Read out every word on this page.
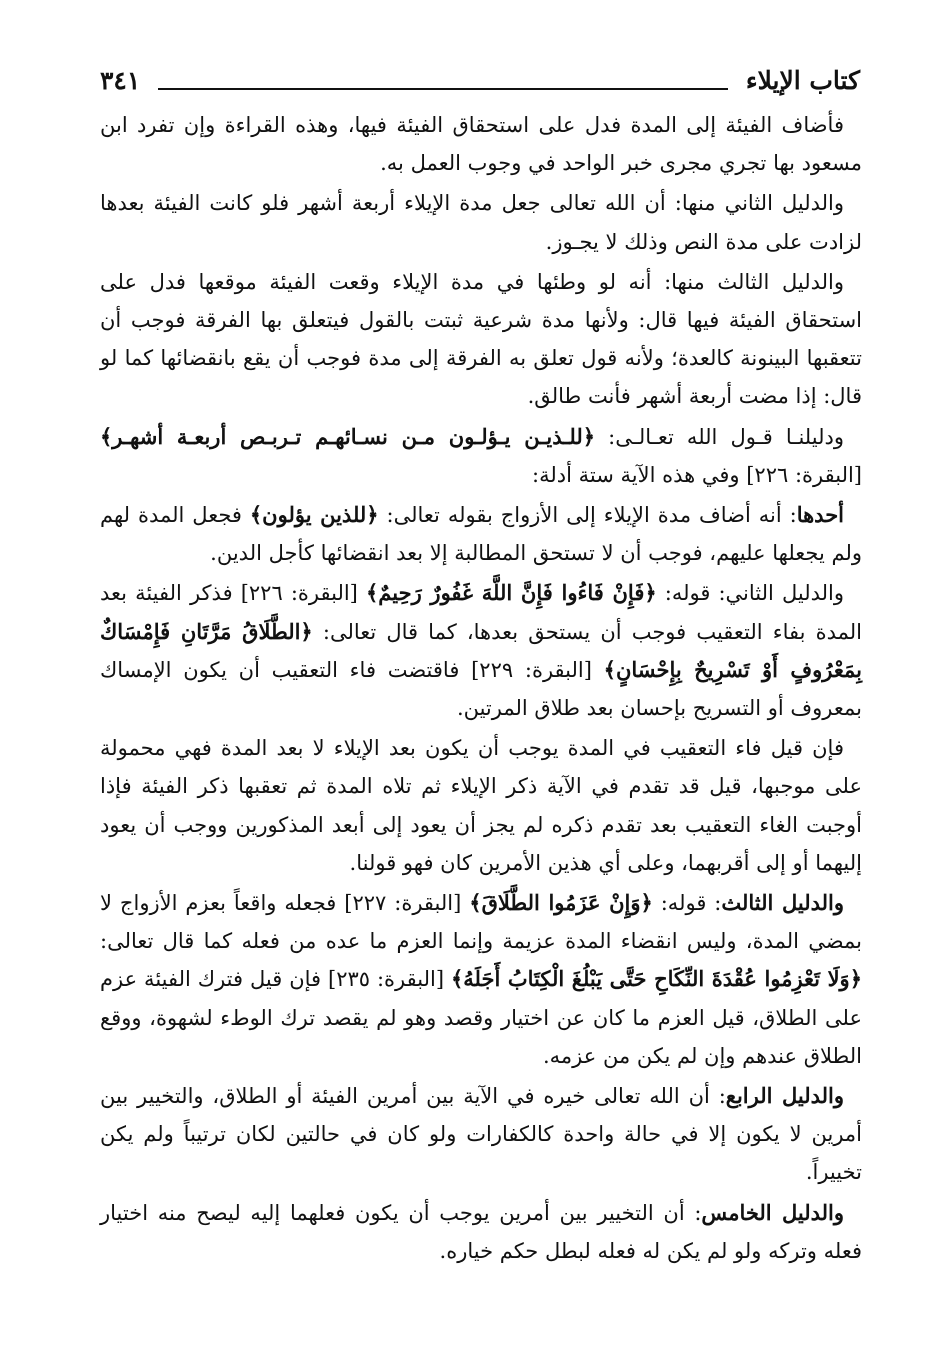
كتاب الإيلاء
٣٤١

فأضاف الفيئة إلى المدة فدل على استحقاق الفيئة فيها، وهذه القراءة وإن تفرد ابن مسعود بها تجري مجرى خبر الواحد في وجوب العمل به.

والدليل الثاني منها: أن الله تعالى جعل مدة الإيلاء أربعة أشهر فلو كانت الفيئة بعدها لزادت على مدة النص وذلك لا يجـوز.

والدليل الثالث منها: أنه لو وطئها في مدة الإيلاء وقعت الفيئة موقعها فدل على استحقاق الفيئة فيها قال: ولأنها مدة شرعية ثبتت بالقول فيتعلق بها الفرقة فوجب أن تتعقبها البينونة كالعدة؛ ولأنه قول تعلق به الفرقة إلى مدة فوجب أن يقع بانقضائها كما لو قال: إذا مضت أربعة أشهر فأنت طالق.

ودليلنـا قـول الله تعـالـى: ﴿للـذيـن يـؤلـون مـن نسـائهـم تـربـص أربعـة أشهـر﴾ [البقرة: ٢٢٦] وفي هذه الآية ستة أدلة:

أحدها: أنه أضاف مدة الإيلاء إلى الأزواج بقوله تعالى: ﴿للذين يؤلون﴾ فجعل المدة لهم ولم يجعلها عليهم، فوجب أن لا تستحق المطالبة إلا بعد انقضائها كأجل الدين.

والدليل الثاني: قوله: ﴿فَإِنْ فَاءُوا فَإِنَّ اللَّهَ غَفُورٌ رَحِيمٌ﴾ [البقرة: ٢٢٦] فذكر الفيئة بعد المدة بفاء التعقيب فوجب أن يستحق بعدها، كما قال تعالى: ﴿الطَّلَاقُ مَرَّتَانِ فَإِمْسَاكٌ بِمَعْرُوفٍ أَوْ تَسْرِيحٌ بِإِحْسَانٍ﴾ [البقرة: ٢٢٩] فاقتضت فاء التعقيب أن يكون الإمساك بمعروف أو التسريح بإحسان بعد طلاق المرتين.

فإن قيل فاء التعقيب في المدة يوجب أن يكون بعد الإيلاء لا بعد المدة فهي محمولة على موجبها، قيل قد تقدم في الآية ذكر الإيلاء ثم تلاه المدة ثم تعقبها ذكر الفيئة فإذا أوجبت الغاء التعقيب بعد تقدم ذكره لم يجز أن يعود إلى أبعد المذكورين ووجب أن يعود إليهما أو إلى أقربهما، وعلى أي هذين الأمرين كان فهو قولنا.

والدليل الثالث: قوله: ﴿وَإِنْ عَزَمُوا الطَّلَاقَ﴾ [البقرة: ٢٢٧] فجعله واقعاً بعزم الأزواج لا بمضي المدة، وليس انقضاء المدة عزيمة وإنما العزم ما عده من فعله كما قال تعالى: ﴿وَلَا تَعْزِمُوا عُقْدَةَ النِّكَاحِ حَتَّى يَبْلُغَ الْكِتَابُ أَجَلَهُ﴾ [البقرة: ٢٣٥] فإن قيل فترك الفيئة عزم على الطلاق، قيل العزم ما كان عن اختيار وقصد وهو لم يقصد ترك الوطء لشهوة، ووقع الطلاق عندهم وإن لم يكن من عزمه.

والدليل الرابع: أن الله تعالى خيره في الآية بين أمرين الفيئة أو الطلاق، والتخيير بين أمرين لا يكون إلا في حالة واحدة كالكفارات ولو كان في حالتين لكان ترتيباً ولم يكن تخييراً.

والدليل الخامس: أن التخيير بين أمرين يوجب أن يكون فعلهما إليه ليصح منه اختيار فعله وتركه ولو لم يكن له فعله لبطل حكم خياره.
